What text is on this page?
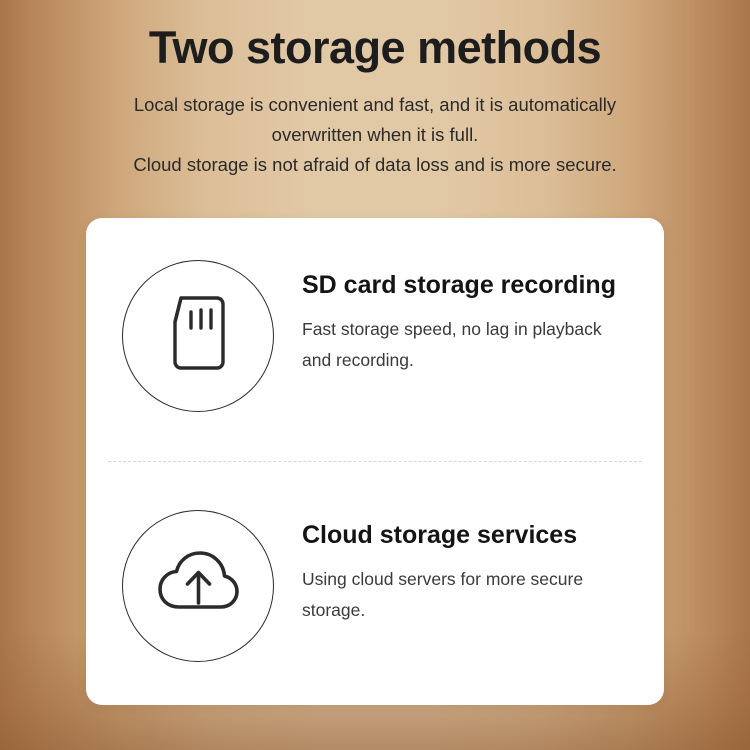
Two storage methods

Local storage is convenient and fast, and it is automatically overwritten when it is full.
Cloud storage is not afraid of data loss and is more secure.

SD card storage recording

Fast storage speed, no lag in playback and recording.

Cloud storage services

Using cloud servers for more secure storage.
